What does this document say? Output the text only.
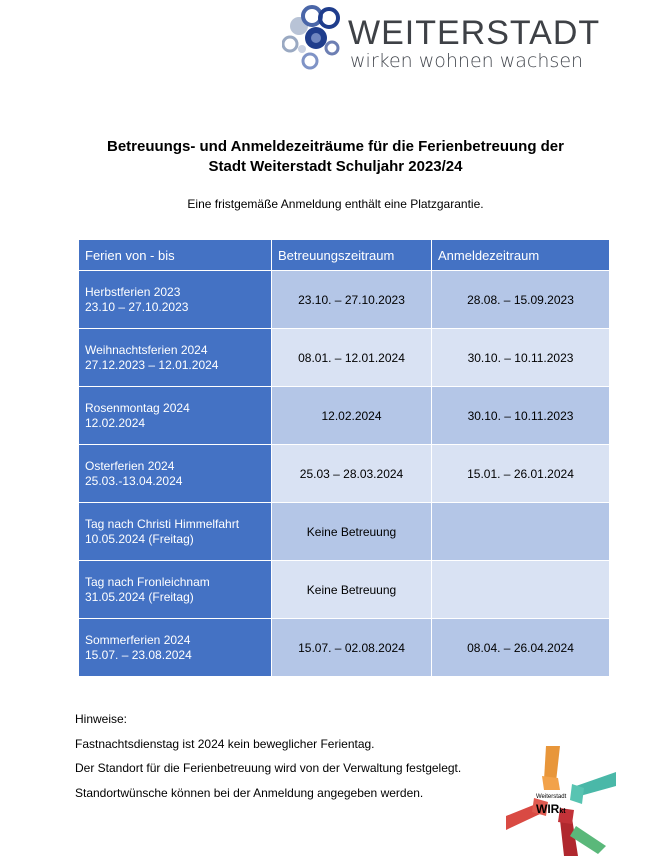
WEITERSTADT
wirken wohnen wachsen
Betreuungs- und Anmeldezeiträume für die Ferienbetreuung der
Stadt Weiterstadt Schuljahr 2023/24
Eine fristgemäße Anmeldung enthält eine Platzgarantie.
Ferien von - bis	Betreuungszeitraum	Anmeldezeitraum

Herbstferien 2023
23.10 – 27.10.2023	23.10. – 27.10.2023	28.08. – 15.09.2023

Weihnachtsferien 2024
27.12.2023 – 12.01.2024	08.01. – 12.01.2024	30.10. – 10.11.2023

Rosenmontag 2024
12.02.2024	12.02.2024	30.10. – 10.11.2023

Osterferien 2024
25.03.-13.04.2024	25.03 – 28.03.2024	15.01. – 26.01.2024

Tag nach Christi Himmelfahrt
10.05.2024 (Freitag)	Keine Betreuung	

Tag nach Fronleichnam
31.05.2024 (Freitag)	Keine Betreuung	

Sommerferien 2024
15.07. – 23.08.2024	15.07. – 02.08.2024	08.04. – 26.04.2024
Hinweise:
Fastnachtsdienstag ist 2024 kein beweglicher Ferientag.
Der Standort für die Ferienbetreuung wird von der Verwaltung festgelegt.
Standortwünsche können bei der Anmeldung angegeben werden.	Weiterstadt
WIRkt
